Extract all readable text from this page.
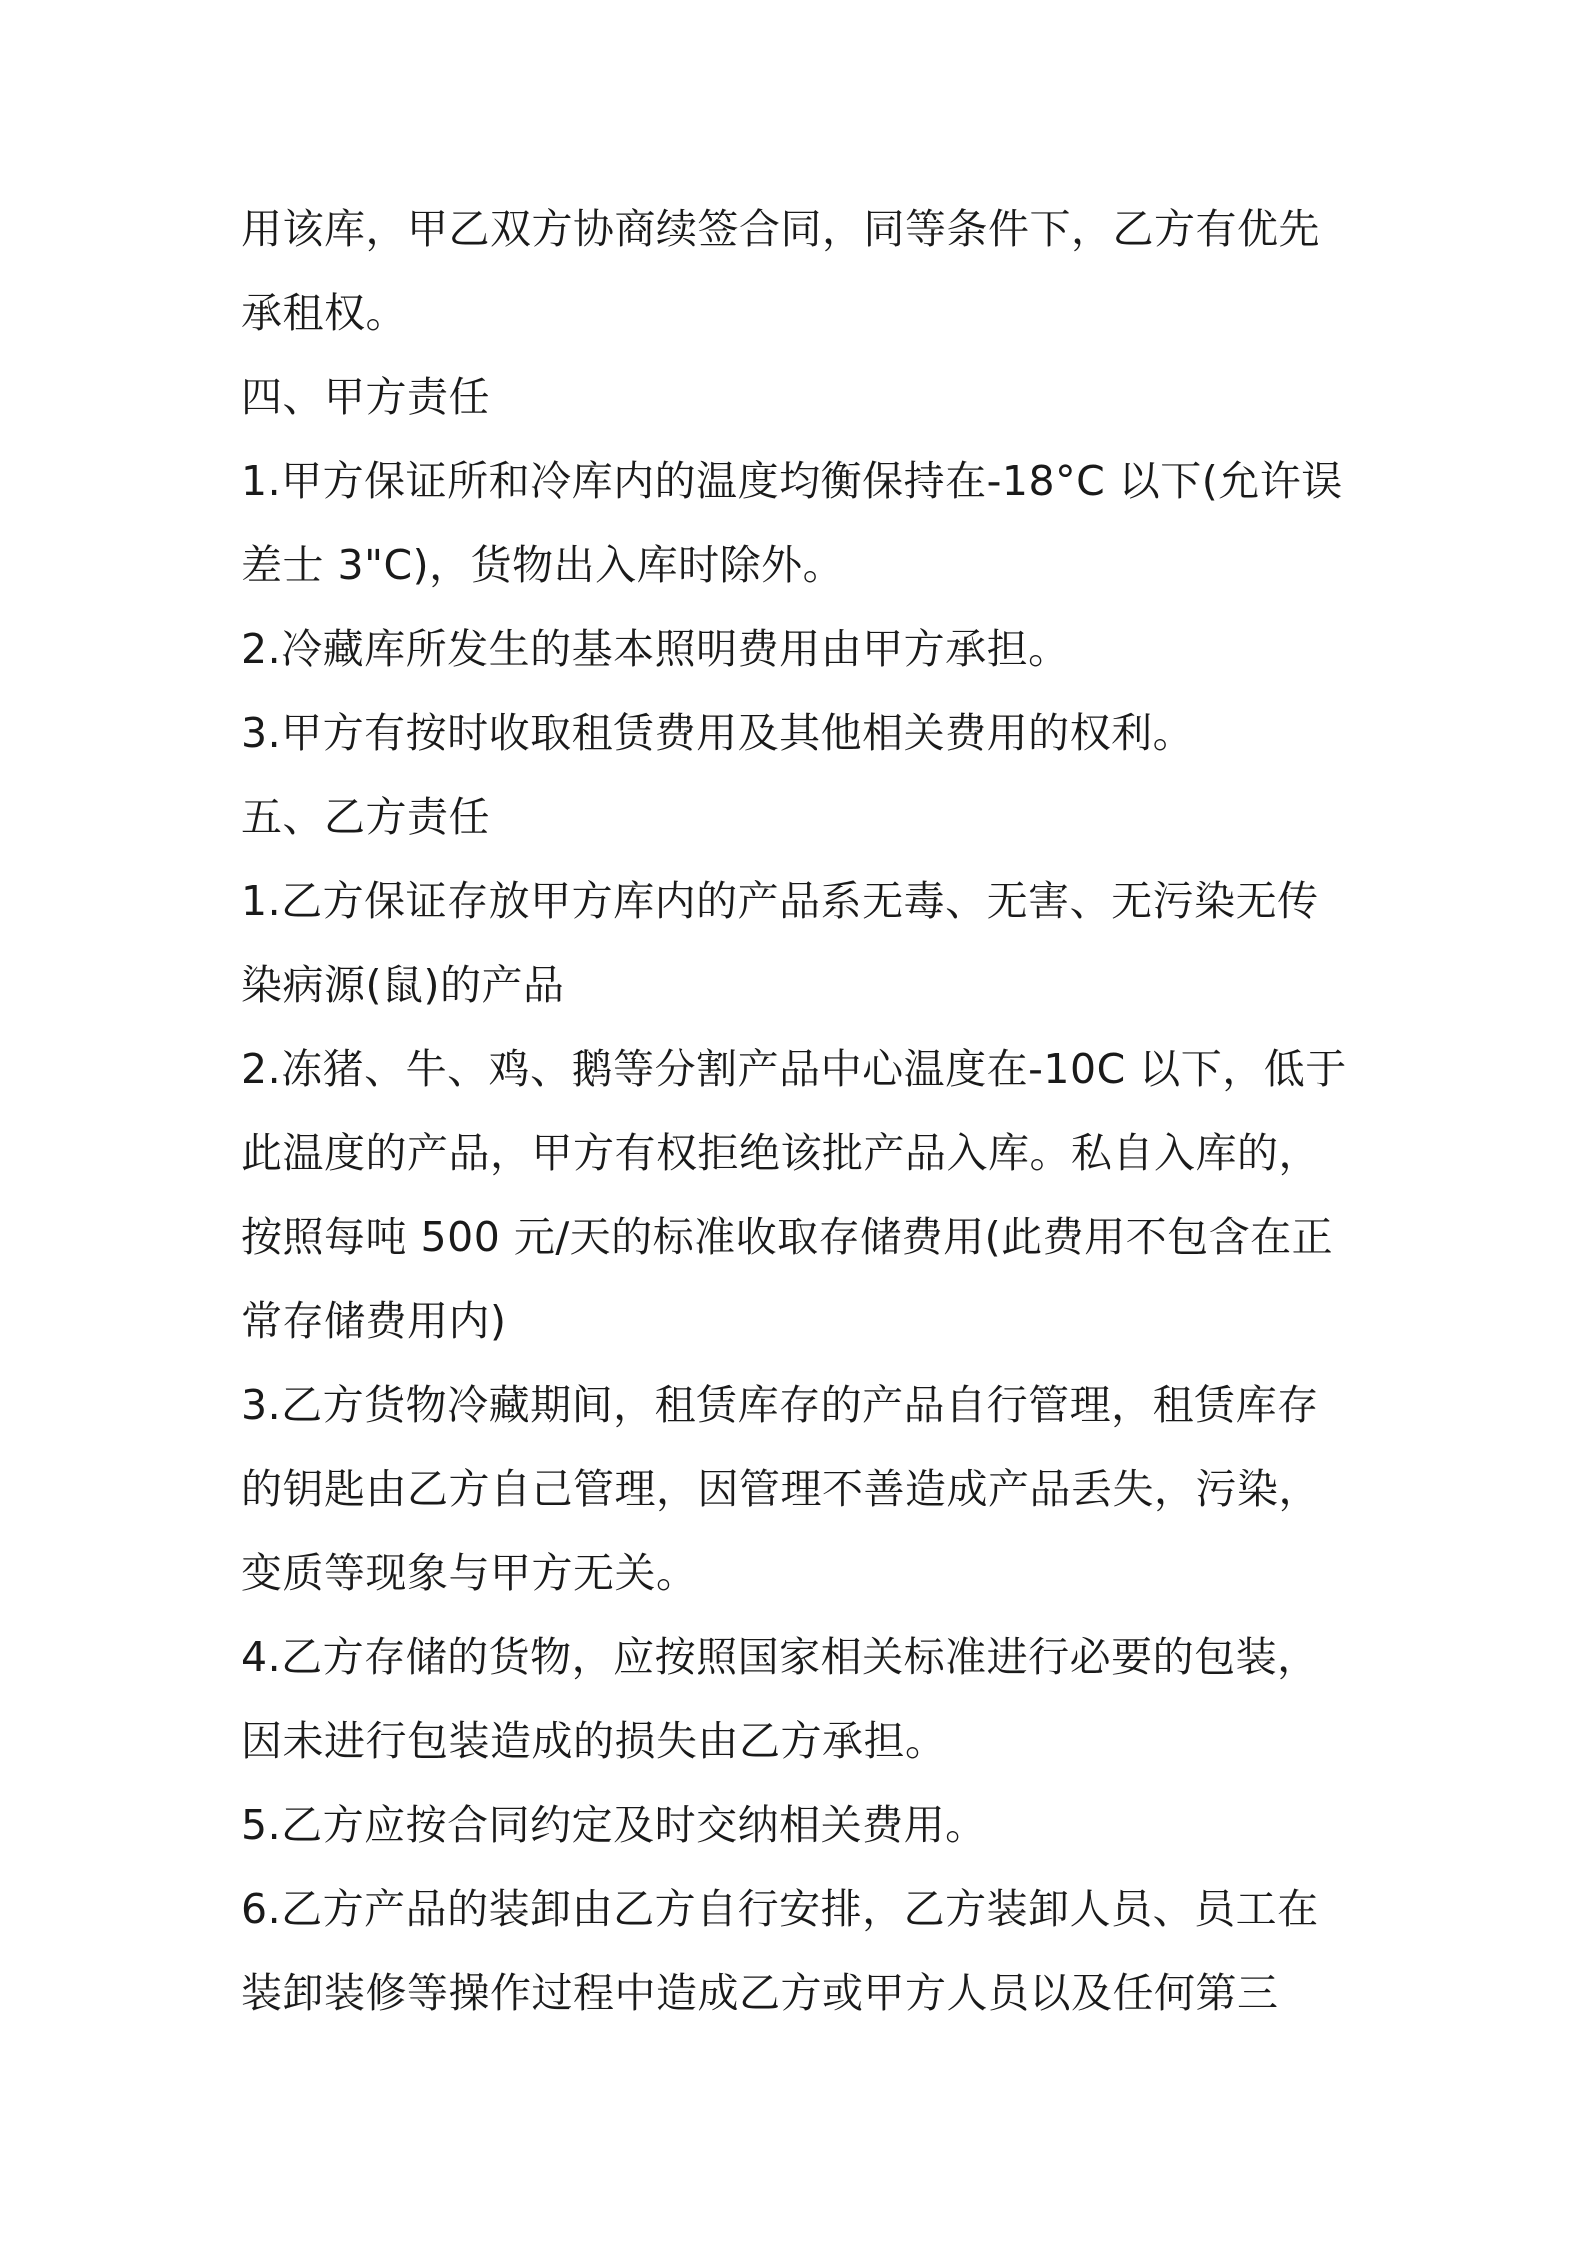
用该库，甲乙双方协商续签合同，同等条件下，乙方有优先
承租权。
四、甲方责任
1.甲方保证所和冷库内的温度均衡保持在-18°C 以下(允许误
差士 3"C)，货物出入库时除外。
2.冷藏库所发生的基本照明费用由甲方承担。
3.甲方有按时收取租赁费用及其他相关费用的权利。
五、乙方责任
1.乙方保证存放甲方库内的产品系无毒、无害、无污染无传
染病源(鼠)的产品
2.冻猪、牛、鸡、鹅等分割产品中心温度在-10C 以下，低于
此温度的产品，甲方有权拒绝该批产品入库。私自入库的，
按照每吨 500 元/天的标准收取存储费用(此费用不包含在正
常存储费用内)
3.乙方货物冷藏期间，租赁库存的产品自行管理，租赁库存
的钥匙由乙方自己管理，因管理不善造成产品丢失，污染，
变质等现象与甲方无关。
4.乙方存储的货物，应按照国家相关标准进行必要的包装，
因未进行包装造成的损失由乙方承担。
5.乙方应按合同约定及时交纳相关费用。
6.乙方产品的装卸由乙方自行安排，乙方装卸人员、员工在
装卸装修等操作过程中造成乙方或甲方人员以及任何第三
